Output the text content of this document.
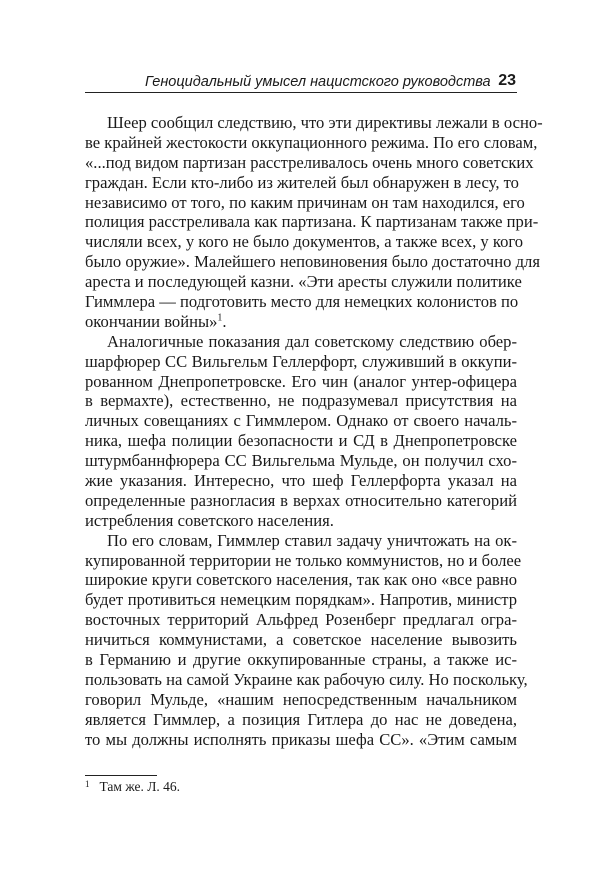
Геноцидальный умысел нацистского руководства 23
Шеер сообщил следствию, что эти директивы лежали в осно-
ве крайней жестокости оккупационного режима. По его словам,
«...под видом партизан расстреливалось очень много советских
граждан. Если кто-либо из жителей был обнаружен в лесу, то
независимо от того, по каким причинам он там находился, его
полиция расстреливала как партизана. К партизанам также при-
числяли всех, у кого не было документов, а также всех, у кого
было оружие». Малейшего неповиновения было достаточно для
ареста и последующей казни. «Эти аресты служили политике
Гиммлера — подготовить место для немецких колонистов по
окончании войны»$^1$.
Аналогичные показания дал советскому следствию обер-
шарфюрер СС Вильгельм Геллерфорт, служивший в оккупи-
рованном Днепропетровске. Его чин (аналог унтер-офицера
в вермахте), естественно, не подразумевал присутствия на
личных совещаниях с Гиммлером. Однако от своего началь-
ника, шефа полиции безопасности и СД в Днепропетровске
штурмбаннфюрера СС Вильгельма Мульде, он получил схо-
жие указания. Интересно, что шеф Геллерфорта указал на
определенные разногласия в верхах относительно категорий
истребления советского населения.
По его словам, Гиммлер ставил задачу уничтожать на ок-
купированной территории не только коммунистов, но и более
широкие круги советского населения, так как оно «все равно
будет противиться немецким порядкам». Напротив, министр
восточных территорий Альфред Розенберг предлагал огра-
ничиться коммунистами, а советское население вывозить
в Германию и другие оккупированные страны, а также ис-
пользовать на самой Украине как рабочую силу. Но поскольку,
говорил Мульде, «нашим непосредственным начальником
является Гиммлер, а позиция Гитлера до нас не доведена,
то мы должны исполнять приказы шефа СС». «Этим самым
$^1$ Там же. Л. 46.
